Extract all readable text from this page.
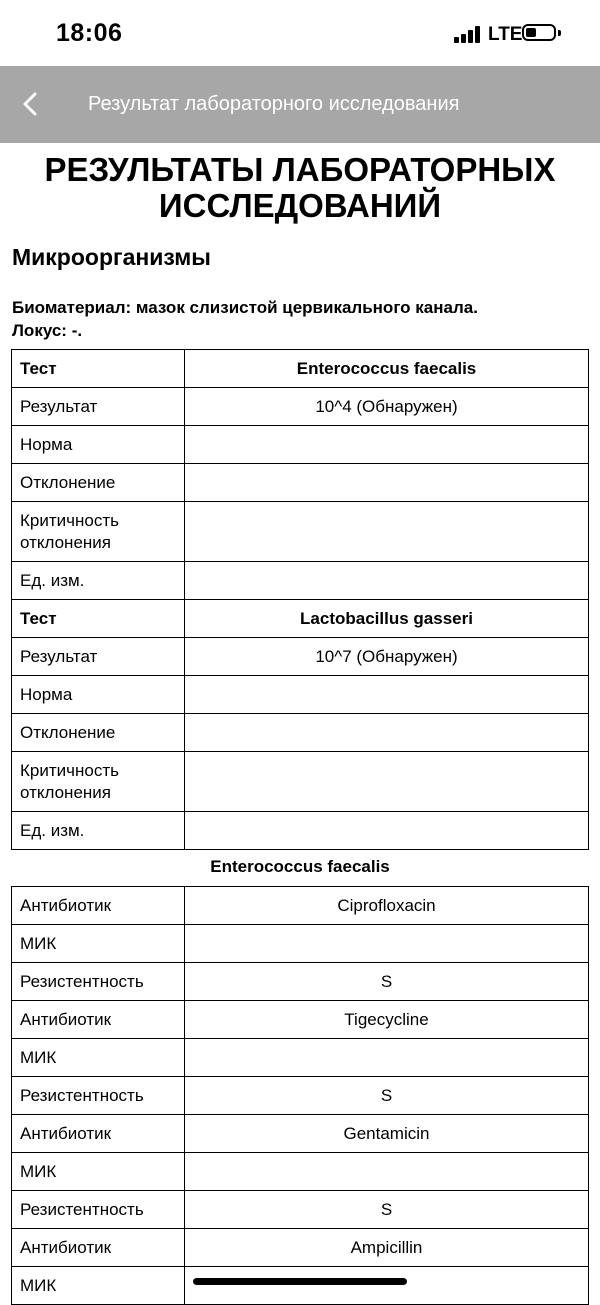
18:06	LTE
Результат лабораторного исследования
РЕЗУЛЬТАТЫ ЛАБОРАТОРНЫХ
ИССЛЕДОВАНИЙ
Микроорганизмы
Биоматериал: мазок слизистой цервикального канала.
Локус: -.
Тест	Enterococcus faecalis
Результат	10^4 (Обнаружен)
Норма	
Отклонение	
Критичность отклонения	
Ед. изм.	
Тест	Lactobacillus gasseri
Результат	10^7 (Обнаружен)
Норма	
Отклонение	
Критичность отклонения	
Ед. изм.	
Enterococcus faecalis
Антибиотик	Ciprofloxacin
МИК	
Резистентность	S
Антибиотик	Tigecycline
МИК	
Резистентность	S
Антибиотик	Gentamicin
МИК	
Резистентность	S
Антибиотик	Ampicillin
МИК	
